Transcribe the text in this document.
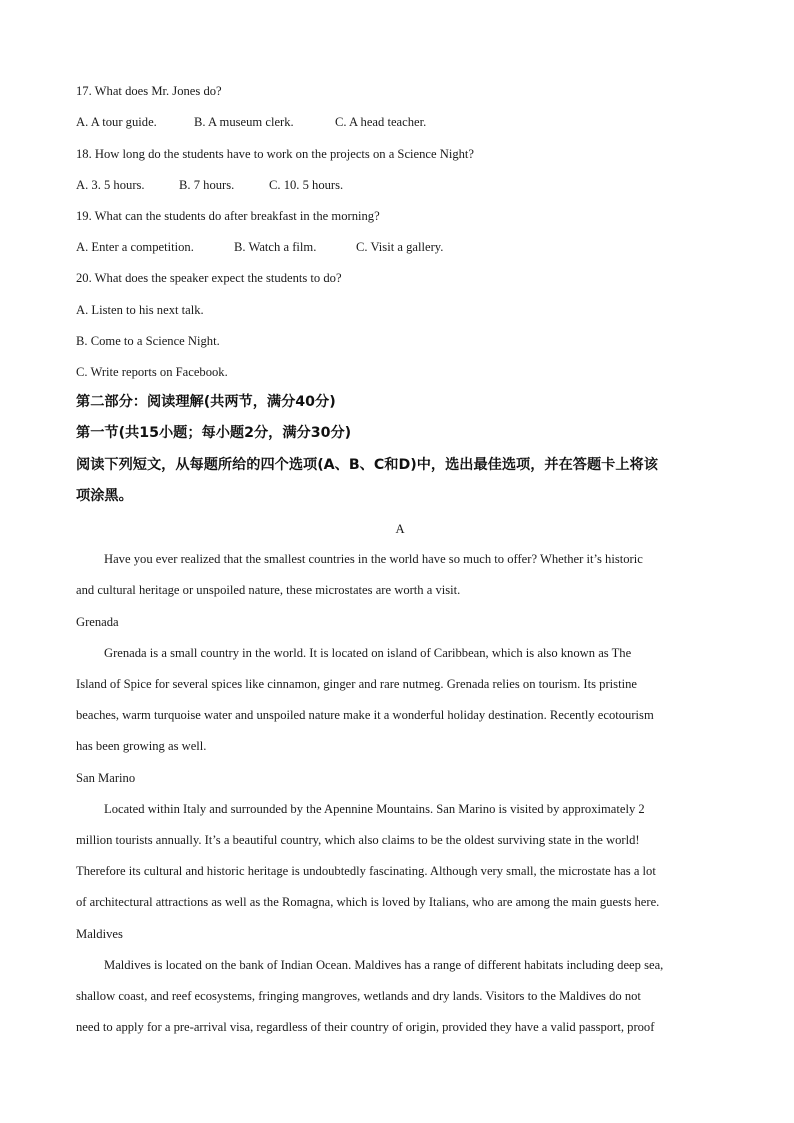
17. What does Mr. Jones do?
A. A tour guide.	B. A museum clerk.	C. A head teacher.
18. How long do the students have to work on the projects on a Science Night?
A. 3. 5 hours.	B. 7 hours.	C. 10. 5 hours.
19. What can the students do after breakfast in the morning?
A. Enter a competition.	B. Watch a film.	C. Visit a gallery.
20. What does the speaker expect the students to do?
A. Listen to his next talk.
B. Come to a Science Night.
C. Write reports on Facebook.
第二部分：阅读理解(共两节，满分40分)
第一节(共15小题；每小题2分，满分30分)
阅读下列短文，从每题所给的四个选项(A、B、C和D)中，选出最佳选项，并在答题卡上将该
项涂黑。
A
Have you ever realized that the smallest countries in the world have so much to offer? Whether it’s historic
and cultural heritage or unspoiled nature, these microstates are worth a visit.
Grenada
Grenada is a small country in the world. It is located on island of Caribbean, which is also known as The
Island of Spice for several spices like cinnamon, ginger and rare nutmeg. Grenada relies on tourism. Its pristine
beaches, warm turquoise water and unspoiled nature make it a wonderful holiday destination. Recently ecotourism
has been growing as well.
San Marino
Located within Italy and surrounded by the Apennine Mountains. San Marino is visited by approximately 2
million tourists annually. It’s a beautiful country, which also claims to be the oldest surviving state in the world!
Therefore its cultural and historic heritage is undoubtedly fascinating. Although very small, the microstate has a lot
of architectural attractions as well as the Romagna, which is loved by Italians, who are among the main guests here.
Maldives
Maldives is located on the bank of Indian Ocean. Maldives has a range of different habitats including deep sea,
shallow coast, and reef ecosystems, fringing mangroves, wetlands and dry lands. Visitors to the Maldives do not
need to apply for a pre-arrival visa, regardless of their country of origin, provided they have a valid passport, proof
